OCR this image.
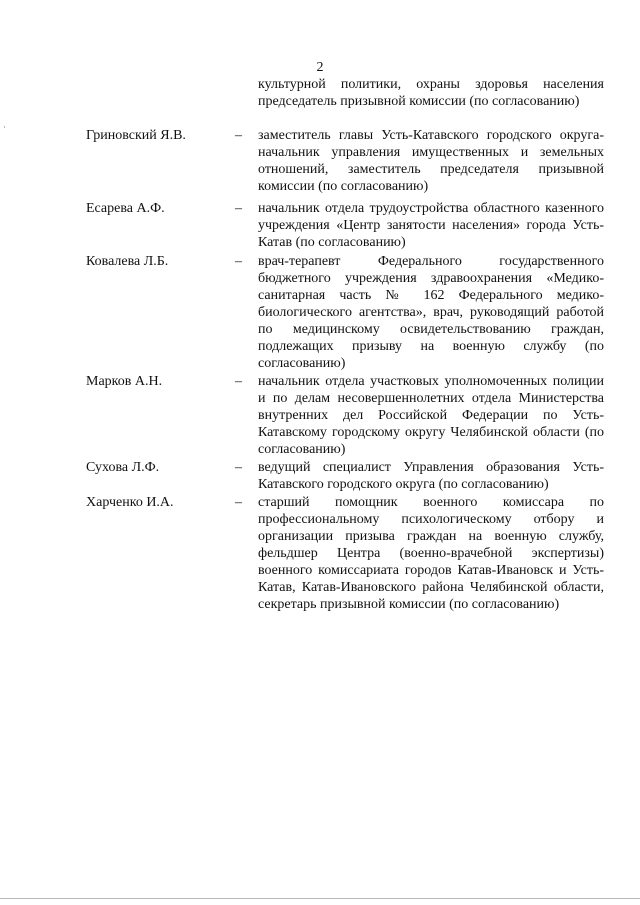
2
культурной политики, охраны здоровья населения председатель призывной комиссии (по согласованию)
Гриновский Я.В.	– заместитель главы Усть-Катавского городского округа-начальник управления имущественных и земельных отношений, заместитель председателя призывной комиссии (по согласованию)
Есарева А.Ф.	– начальник отдела трудоустройства областного казенного учреждения «Центр занятости населения» города Усть-Катав (по согласованию)
Ковалева Л.Б.	– врач-терапевт Федерального государственного бюджетного учреждения здравоохранения «Медико-санитарная часть № 162 Федерального медико-биологического агентства», врач, руководящий работой по медицинскому освидетельствованию граждан, подлежащих призыву на военную службу (по согласованию)
Марков А.Н.	– начальник отдела участковых уполномоченных полиции и по делам несовершеннолетних отдела Министерства внутренних дел Российской Федерации по Усть-Катавскому городскому округу Челябинской области (по согласованию)
Сухова Л.Ф.	– ведущий специалист Управления образования Усть-Катавского городского округа (по согласованию)
Харченко И.А.	– старший помощник военного комиссара по профессиональному психологическому отбору и организации призыва граждан на военную службу, фельдшер Центра (военно-врачебной экспертизы) военного комиссариата городов Катав-Ивановск и Усть-Катав, Катав-Ивановского района Челябинской области, секретарь призывной комиссии (по согласованию)
